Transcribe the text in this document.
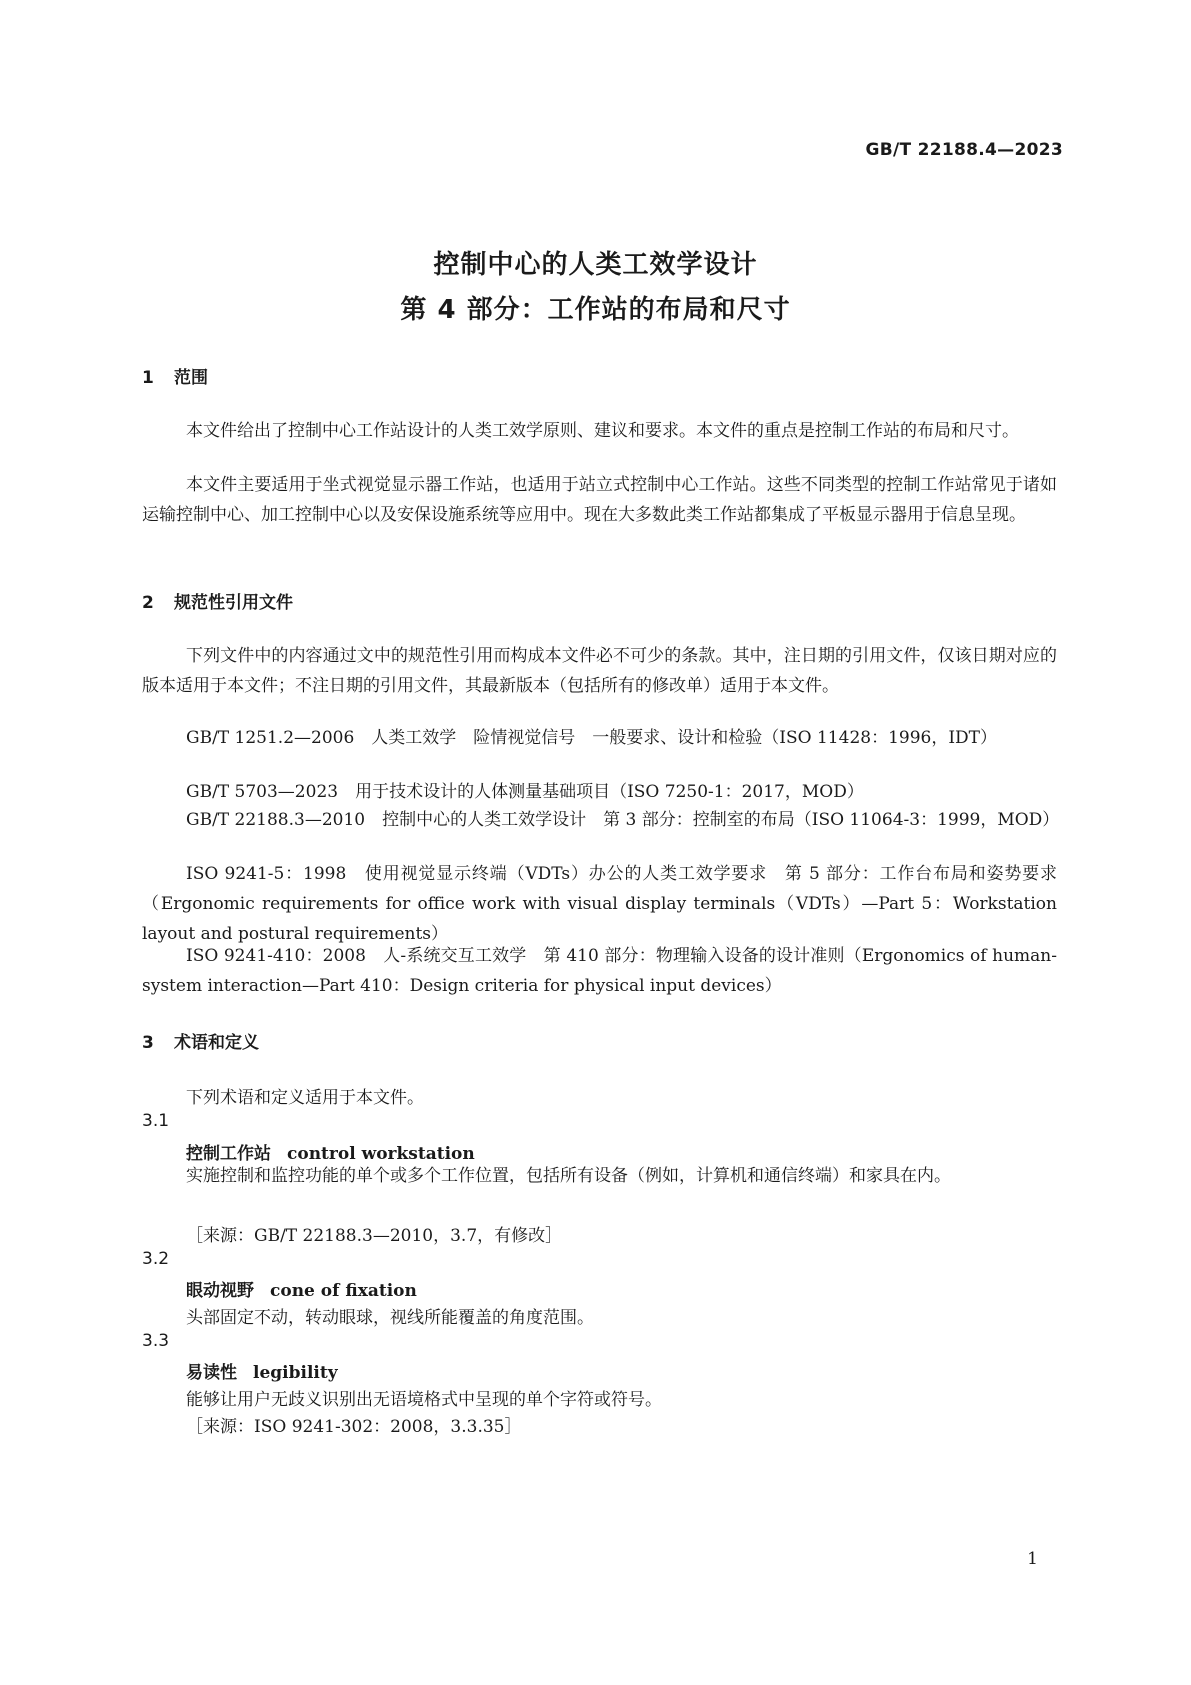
GB/T 22188.4—2023
控制中心的人类工效学设计
第 4 部分：工作站的布局和尺寸
1 范围
本文件给出了控制中心工作站设计的人类工效学原则、建议和要求。本文件的重点是控制工作站的布局和尺寸。
本文件主要适用于坐式视觉显示器工作站，也适用于站立式控制中心工作站。这些不同类型的控制工作站常见于诸如运输控制中心、加工控制中心以及安保设施系统等应用中。现在大多数此类工作站都集成了平板显示器用于信息呈现。
2 规范性引用文件
下列文件中的内容通过文中的规范性引用而构成本文件必不可少的条款。其中，注日期的引用文件，仅该日期对应的版本适用于本文件；不注日期的引用文件，其最新版本（包括所有的修改单）适用于本文件。
GB/T 1251.2—2006　人类工效学　险情视觉信号　一般要求、设计和检验（ISO 11428：1996，IDT）
GB/T 5703—2023　用于技术设计的人体测量基础项目（ISO 7250-1：2017，MOD）
GB/T 22188.3—2010　控制中心的人类工效学设计　第 3 部分：控制室的布局（ISO 11064-3：1999，MOD）
ISO 9241-5：1998　使用视觉显示终端（VDTs）办公的人类工效学要求　第 5 部分：工作台布局和姿势要求（Ergonomic requirements for office work with visual display terminals（VDTs）—Part 5：Workstation layout and postural requirements）
ISO 9241-410：2008　人-系统交互工效学　第 410 部分：物理输入设备的设计准则（Ergonomics of human-system interaction—Part 410：Design criteria for physical input devices）
3 术语和定义
下列术语和定义适用于本文件。
3.1
控制工作站 control workstation
实施控制和监控功能的单个或多个工作位置，包括所有设备（例如，计算机和通信终端）和家具在内。
［来源：GB/T 22188.3—2010，3.7，有修改］
3.2
眼动视野 cone of fixation
头部固定不动，转动眼球，视线所能覆盖的角度范围。
3.3
易读性 legibility
能够让用户无歧义识别出无语境格式中呈现的单个字符或符号。
［来源：ISO 9241-302：2008，3.3.35］
1
